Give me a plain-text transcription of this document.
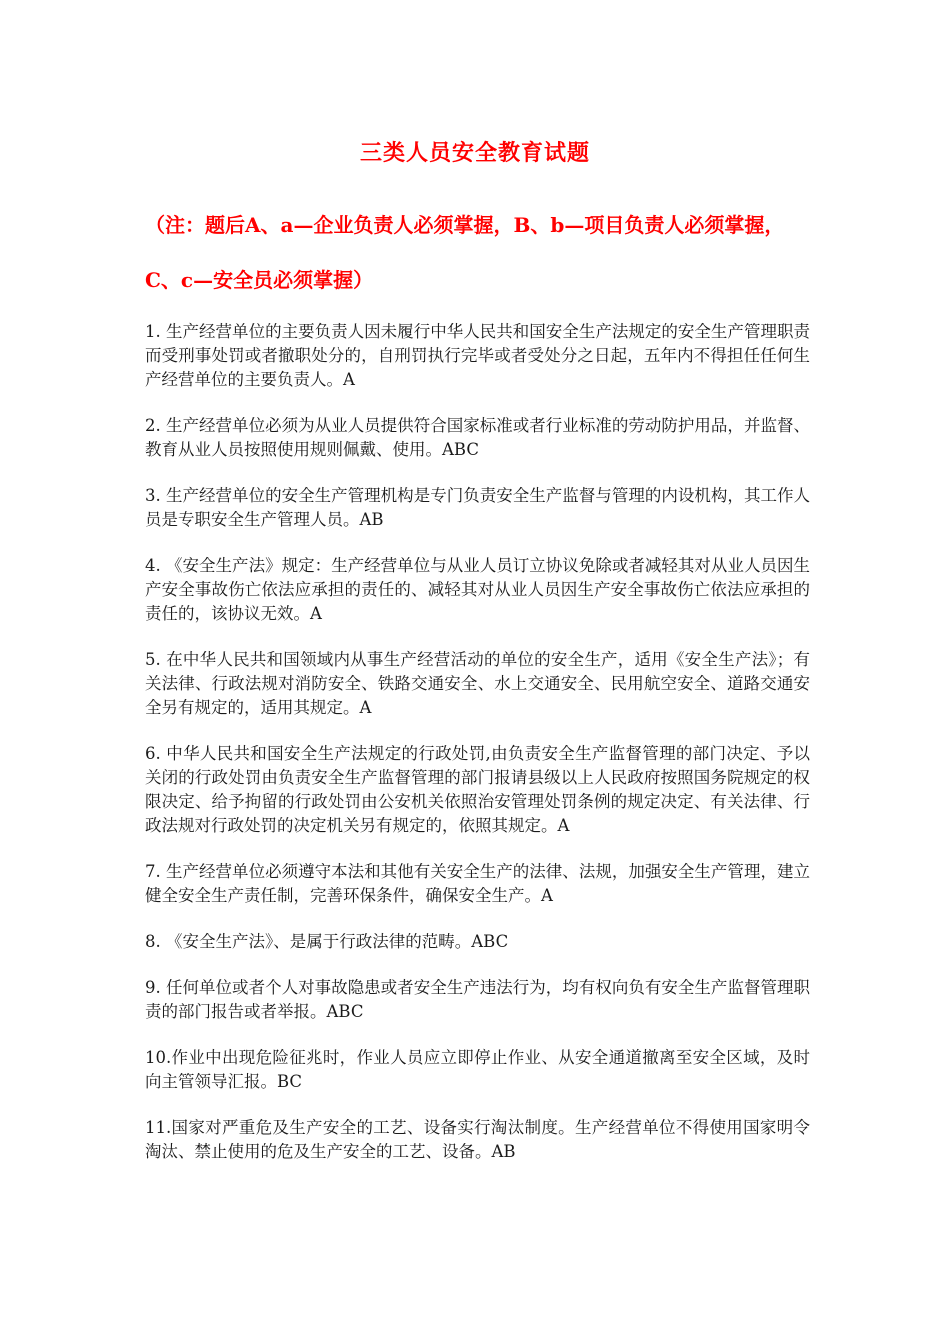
三类人员安全教育试题
（注：题后A、a—企业负责人必须掌握，B、b—项目负责人必须掌握，C、c—安全员必须掌握）

1. 生产经营单位的主要负责人因未履行中华人民共和国安全生产法规定的安全生产管理职责而受刑事处罚或者撤职处分的，自刑罚执行完毕或者受处分之日起，五年内不得担任任何生产经营单位的主要负责人。A

2. 生产经营单位必须为从业人员提供符合国家标准或者行业标准的劳动防护用品，并监督、教育从业人员按照使用规则佩戴、使用。ABC

3. 生产经营单位的安全生产管理机构是专门负责安全生产监督与管理的内设机构，其工作人员是专职安全生产管理人员。AB

4. 《安全生产法》规定：生产经营单位与从业人员订立协议免除或者减轻其对从业人员因生产安全事故伤亡依法应承担的责任的、减轻其对从业人员因生产安全事故伤亡依法应承担的责任的，该协议无效。A

5. 在中华人民共和国领域内从事生产经营活动的单位的安全生产，适用《安全生产法》；有关法律、行政法规对消防安全、铁路交通安全、水上交通安全、民用航空安全、道路交通安全另有规定的，适用其规定。A

6. 中华人民共和国安全生产法规定的行政处罚,由负责安全生产监督管理的部门决定、予以关闭的行政处罚由负责安全生产监督管理的部门报请县级以上人民政府按照国务院规定的权限决定、给予拘留的行政处罚由公安机关依照治安管理处罚条例的规定决定、有关法律、行政法规对行政处罚的决定机关另有规定的，依照其规定。A

7. 生产经营单位必须遵守本法和其他有关安全生产的法律、法规，加强安全生产管理，建立健全安全生产责任制，完善环保条件，确保安全生产。A

8. 《安全生产法》、是属于行政法律的范畴。ABC

9. 任何单位或者个人对事故隐患或者安全生产违法行为，均有权向负有安全生产监督管理职责的部门报告或者举报。ABC

10.作业中出现危险征兆时，作业人员应立即停止作业、从安全通道撤离至安全区域，及时向主管领导汇报。BC

11.国家对严重危及生产安全的工艺、设备实行淘汰制度。生产经营单位不得使用国家明令淘汰、禁止使用的危及生产安全的工艺、设备。AB
